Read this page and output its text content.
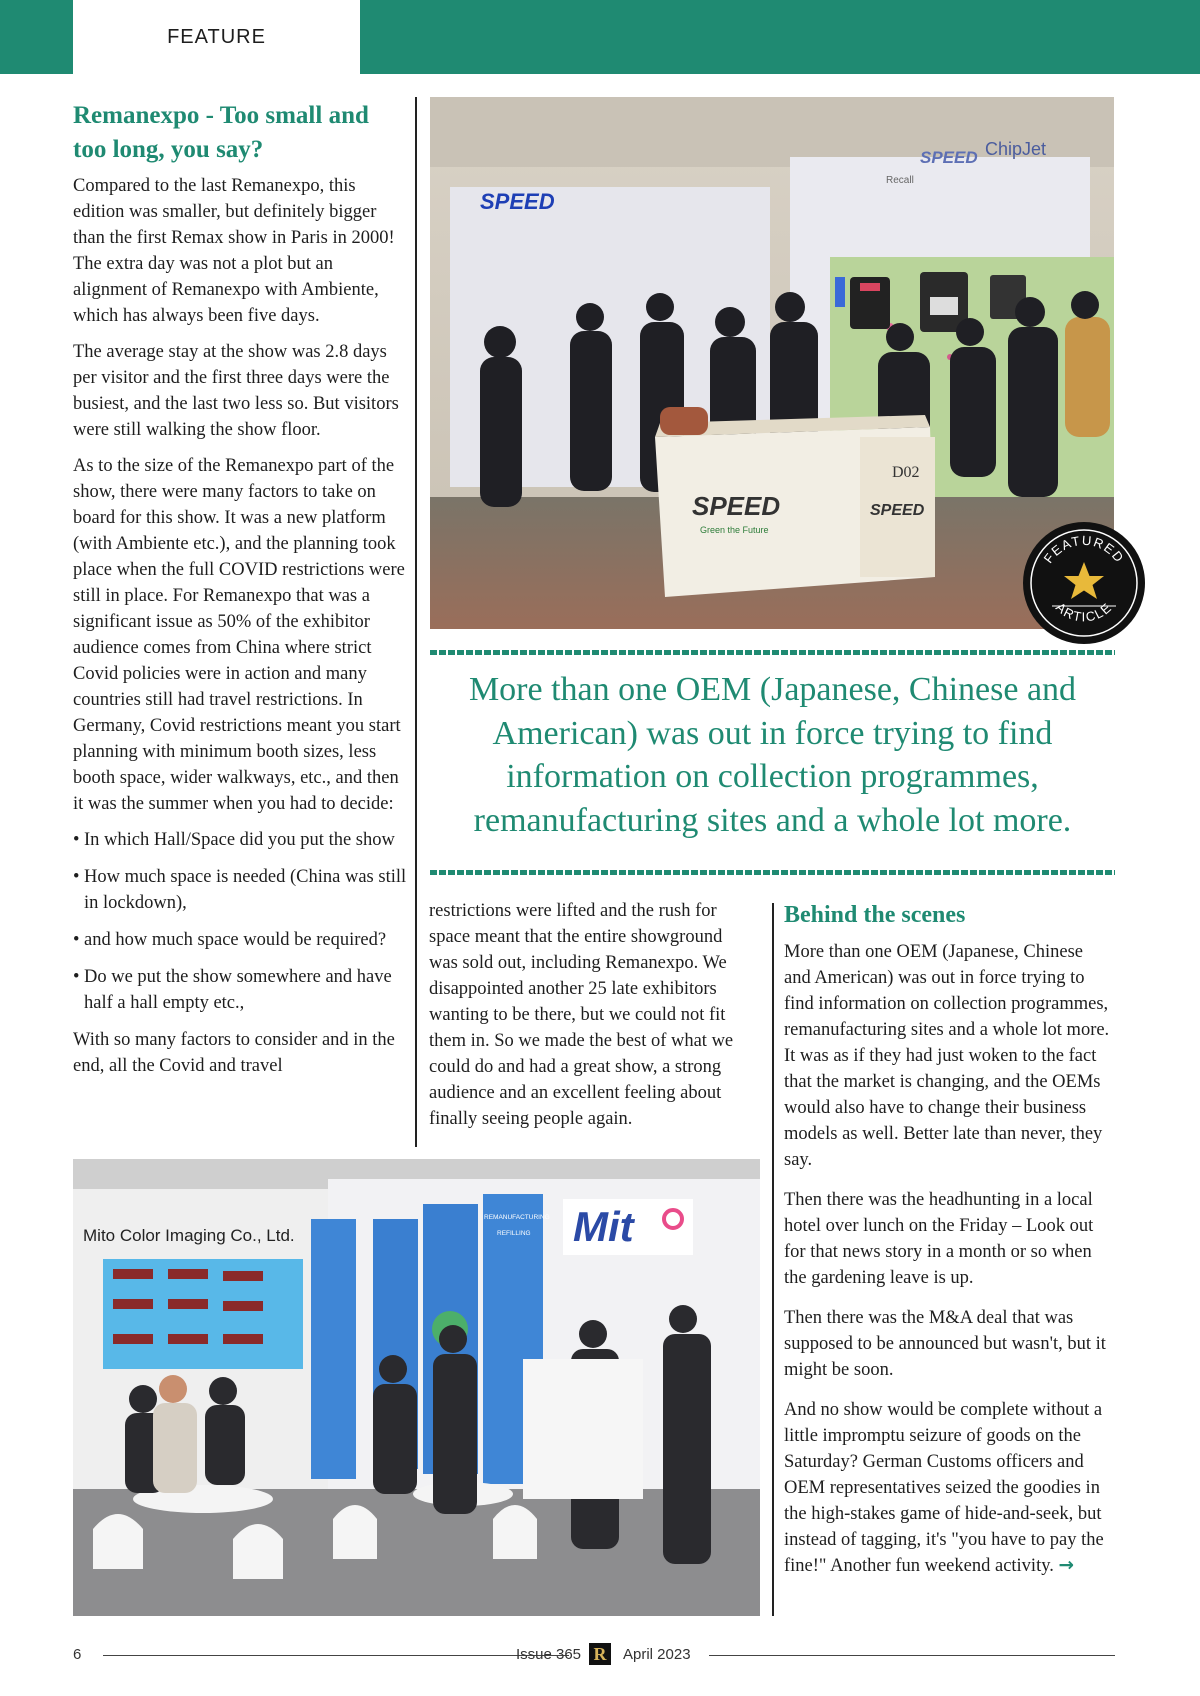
FEATURE
Remanexpo - Too small and too long, you say?

Compared to the last Remanexpo, this edition was smaller, but definitely bigger than the first Remax show in Paris in 2000! The extra day was not a plot but an alignment of Remanexpo with Ambiente, which has always been five days.

The average stay at the show was 2.8 days per visitor and the first three days were the busiest, and the last two less so. But visitors were still walking the show floor.

As to the size of the Remanexpo part of the show, there were many factors to take on board for this show. It was a new platform (with Ambiente etc.), and the planning took place when the full COVID restrictions were still in place. For Remanexpo that was a significant issue as 50% of the exhibitor audience comes from China where strict Covid policies were in action and many countries still had travel restrictions. In Germany, Covid restrictions meant you start planning with minimum booth sizes, less booth space, wider walkways, etc., and then it was the summer when you had to decide:

• In which Hall/Space did you put the show
• How much space is needed (China was still in lockdown),
• and how much space would be required?
• Do we put the show somewhere and have half a hall empty etc.,

With so many factors to consider and in the end, all the Covid and travel

SPEED
SPEED ChipJet
Recall
SPEED
Green the Future
SPEED
D02
FEATURED
ARTICLE
More than one OEM (Japanese, Chinese and American) was out in force trying to find information on collection programmes, remanufacturing sites and a whole lot more.

restrictions were lifted and the rush for space meant that the entire showground was sold out, including Remanexpo. We disappointed another 25 late exhibitors wanting to be there, but we could not fit them in. So we made the best of what we could do and had a great show, a strong audience and an excellent feeling about finally seeing people again.

Behind the scenes

More than one OEM (Japanese, Chinese and American) was out in force trying to find information on collection programmes, remanufacturing sites and a whole lot more. It was as if they had just woken to the fact that the market is changing, and the OEMs would also have to change their business models as well. Better late than never, they say.

Then there was the headhunting in a local hotel over lunch on the Friday – Look out for that news story in a month or so when the gardening leave is up.

Then there was the M&A deal that was supposed to be announced but wasn't, but it might be soon.

And no show would be complete without a little impromptu seizure of goods on the Saturday? German Customs officers and OEM representatives seized the goodies in the high-stakes game of hide-and-seek, but instead of tagging, it's "you have to pay the fine!" Another fun weekend activity. →

Mito Color Imaging Co., Ltd.
REMANUFACTURING
REFILLING Mit
6	Issue 365 R	April 2023
